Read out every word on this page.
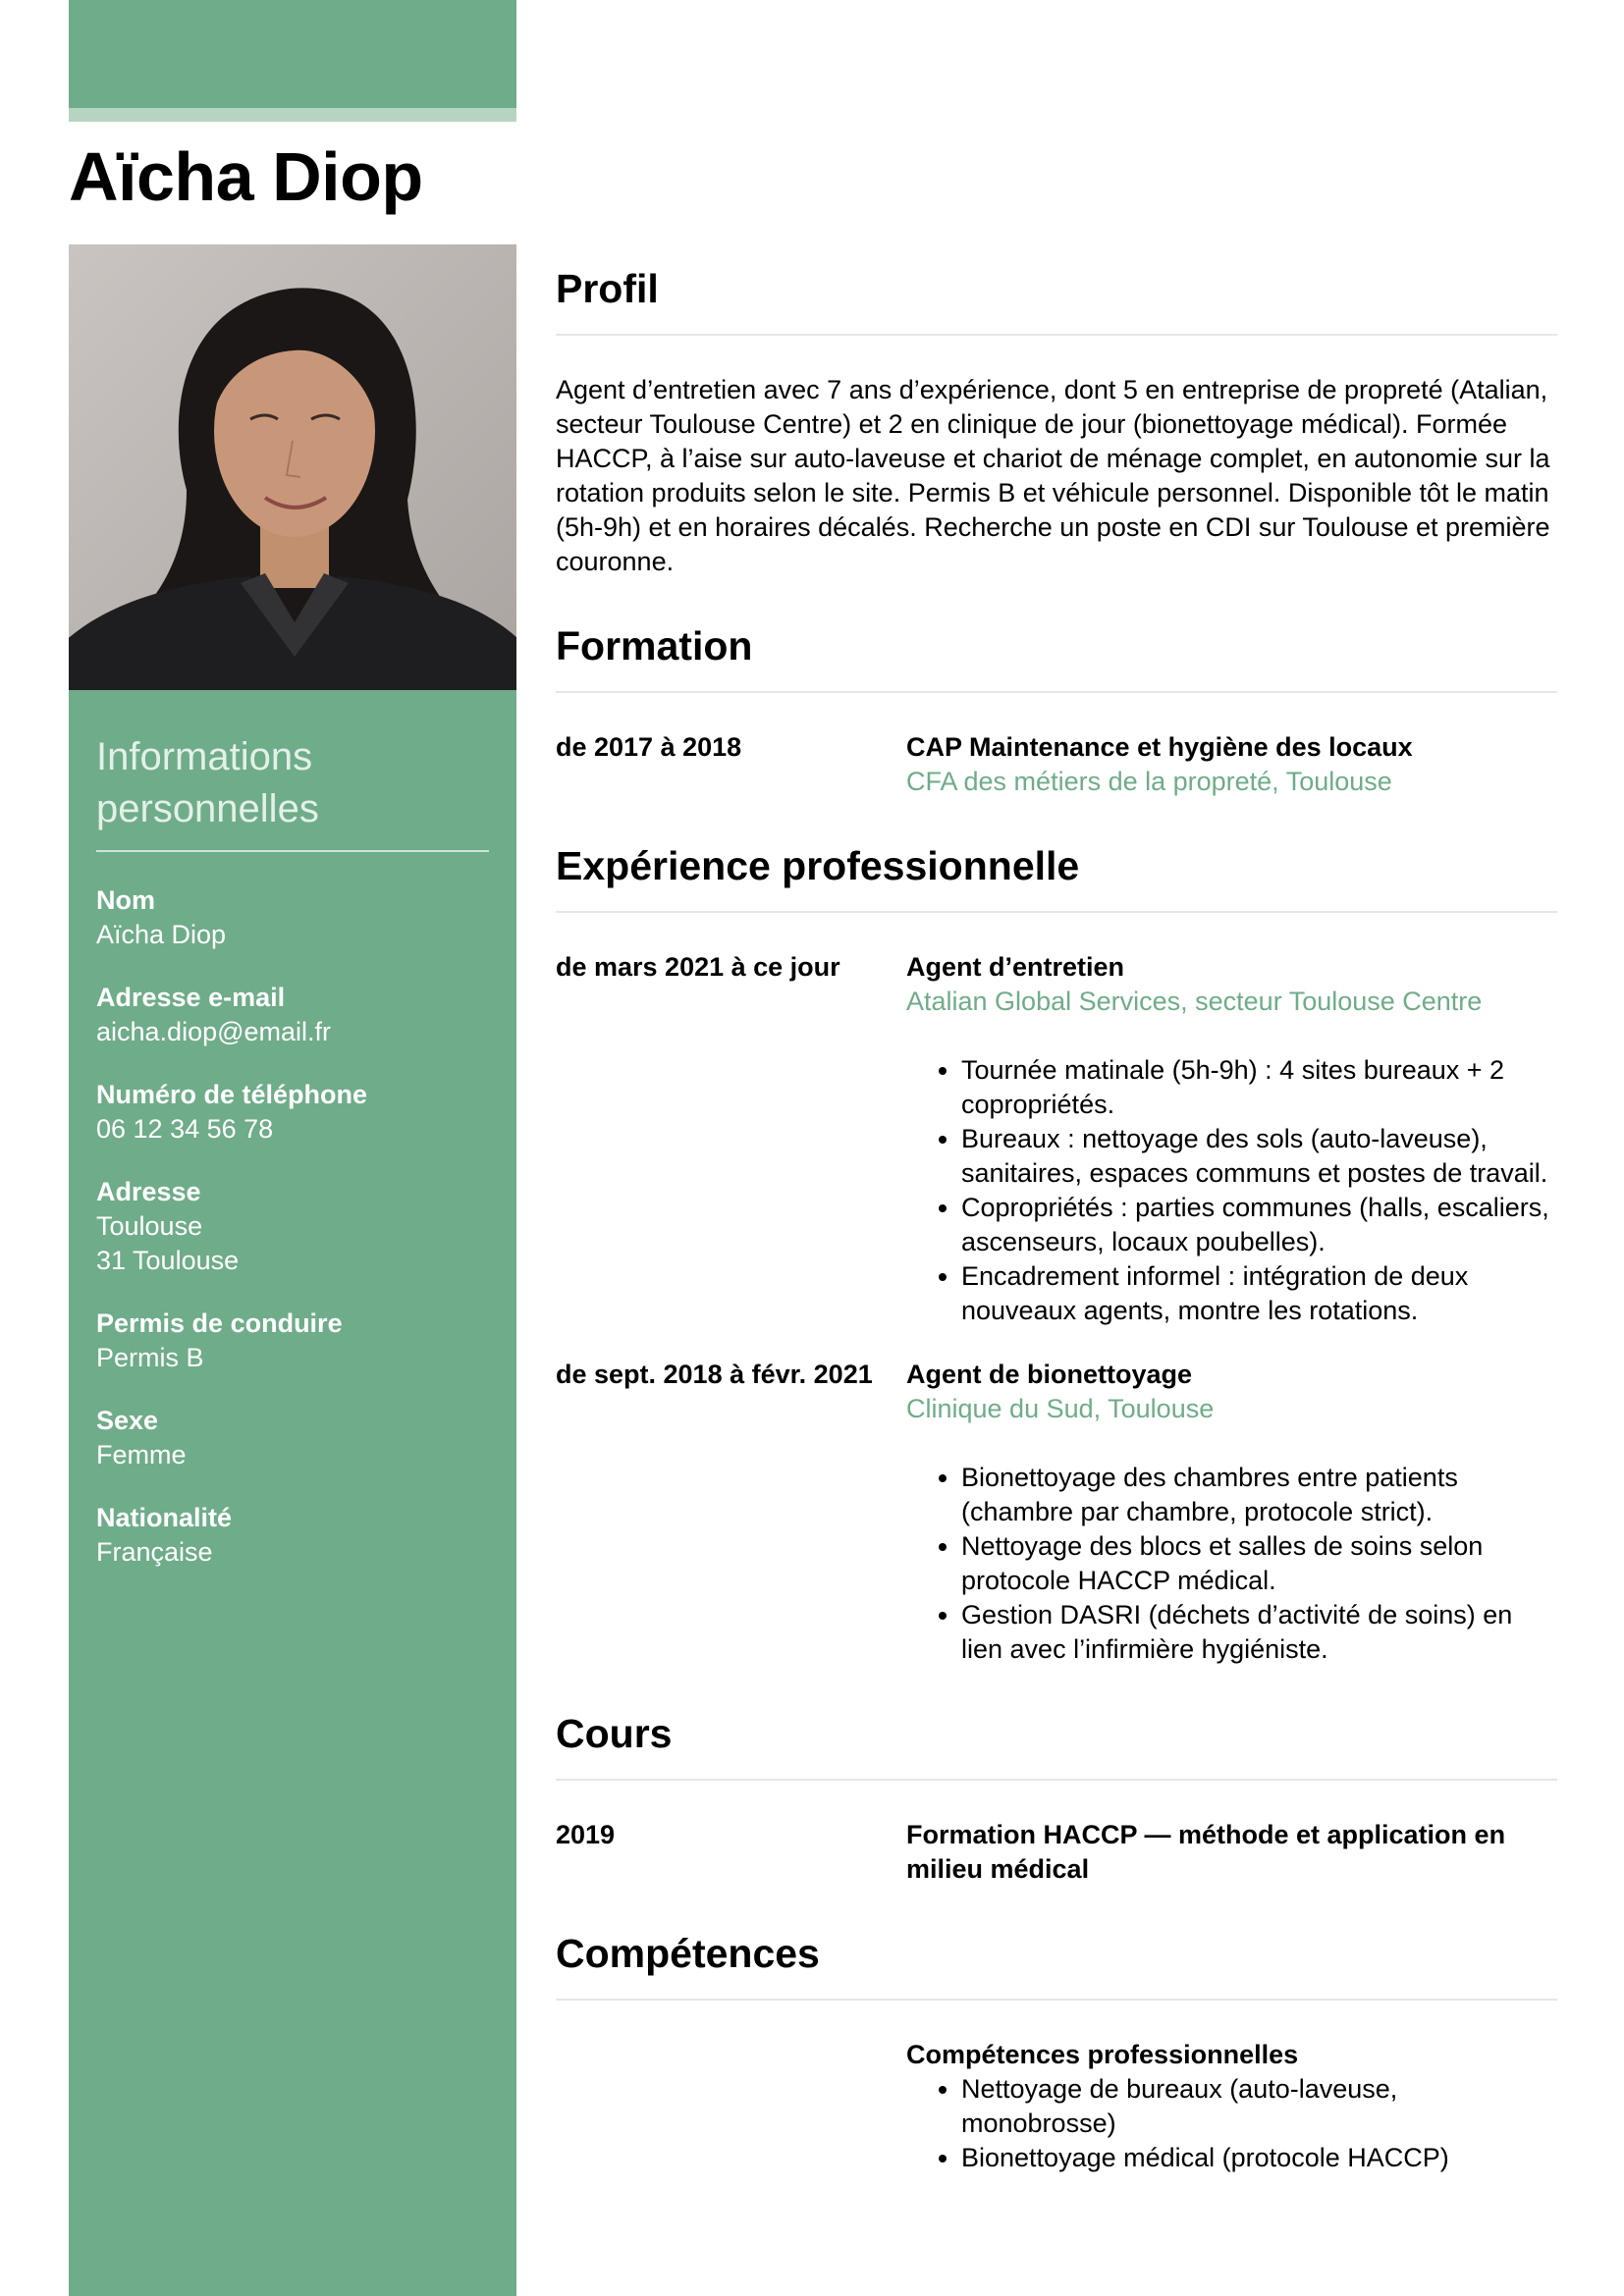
Aïcha Diop
Informations personnelles
Nom
Aïcha Diop
Adresse e-mail
aicha.diop@email.fr
Numéro de téléphone
06 12 34 56 78
Adresse
Toulouse
31 Toulouse
Permis de conduire
Permis B
Sexe
Femme
Nationalité
Française
Profil

Agent d’entretien avec 7 ans d’expérience, dont 5 en entreprise de propreté (Atalian, secteur Toulouse Centre) et 2 en clinique de jour (bionettoyage médical). Formée HACCP, à l’aise sur auto-laveuse et chariot de ménage complet, en autonomie sur la rotation produits selon le site. Permis B et véhicule personnel. Disponible tôt le matin (5h-9h) et en horaires décalés. Recherche un poste en CDI sur Toulouse et première couronne.

Formation
de 2017 à 2018	CAP Maintenance et hygiène des locaux
CFA des métiers de la propreté, Toulouse
Expérience professionnelle
de mars 2021 à ce jour	Agent d’entretien
Atalian Global Services, secteur Toulouse Centre
• Tournée matinale (5h-9h) : 4 sites bureaux + 2 copropriétés.
• Bureaux : nettoyage des sols (auto-laveuse), sanitaires, espaces communs et postes de travail.
• Copropriétés : parties communes (halls, escaliers, ascenseurs, locaux poubelles).
• Encadrement informel : intégration de deux nouveaux agents, montre les rotations.
de sept. 2018 à févr. 2021	Agent de bionettoyage
Clinique du Sud, Toulouse
• Bionettoyage des chambres entre patients (chambre par chambre, protocole strict).
• Nettoyage des blocs et salles de soins selon protocole HACCP médical.
• Gestion DASRI (déchets d’activité de soins) en lien avec l’infirmière hygiéniste.
Cours
2019	Formation HACCP — méthode et application en milieu médical
Compétences
Compétences professionnelles
• Nettoyage de bureaux (auto-laveuse, monobrosse)
• Bionettoyage médical (protocole HACCP)
